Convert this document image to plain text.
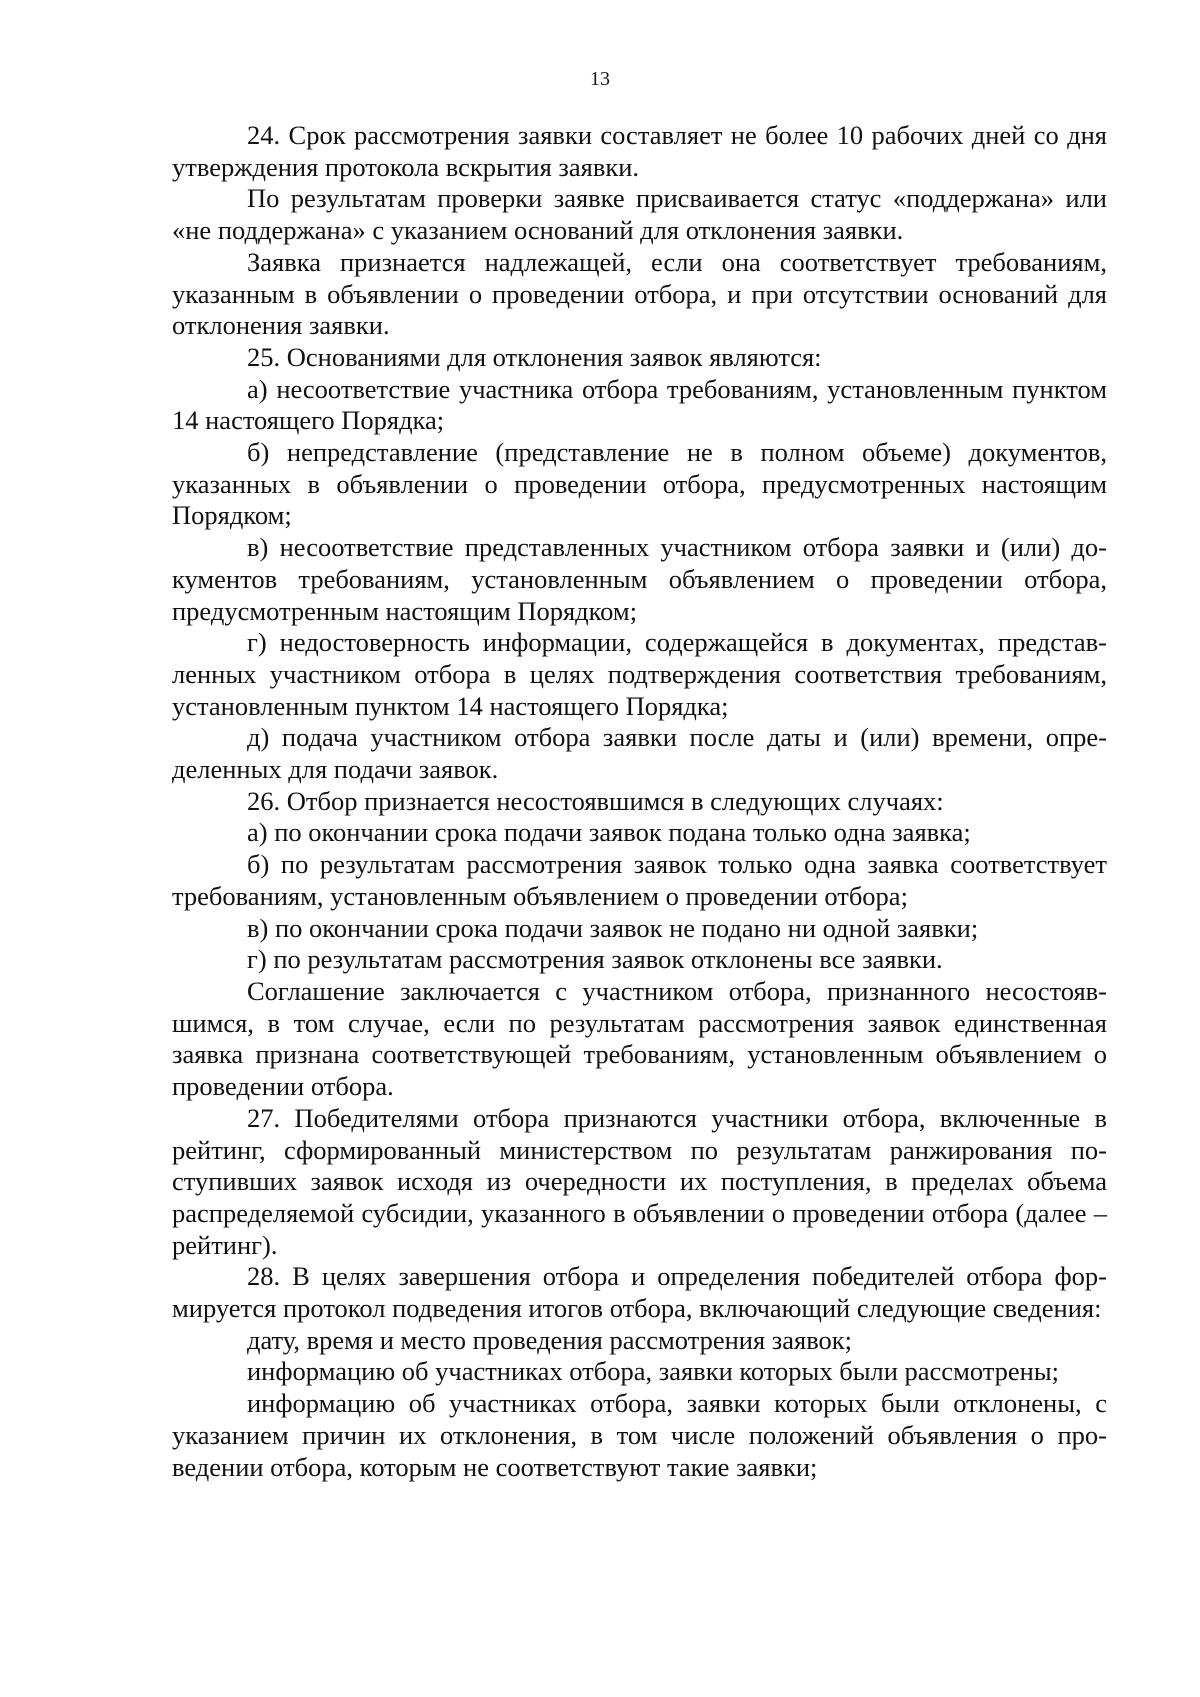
13

24. Срок рассмотрения заявки составляет не более 10 рабочих дней со дня утверждения протокола вскрытия заявки.

По результатам проверки заявке присваивается статус «поддержана» или «не поддержана» с указанием оснований для отклонения заявки.

Заявка признается надлежащей, если она соответствует требованиям, указанным в объявлении о проведении отбора, и при отсутствии оснований для отклонения заявки.

25. Основаниями для отклонения заявок являются:

а) несоответствие участника отбора требованиям, установленным пунктом 14 настоящего Порядка;

б) непредставление (представление не в полном объеме) документов, указанных в объявлении о проведении отбора, предусмотренных настоящим Порядком;

в) несоответствие представленных участником отбора заявки и (или) документов требованиям, установленным объявлением о проведении отбора, предусмотренным настоящим Порядком;

г) недостоверность информации, содержащейся в документах, представленных участником отбора в целях подтверждения соответствия требованиям, установленным пунктом 14 настоящего Порядка;

д) подача участником отбора заявки после даты и (или) времени, определенных для подачи заявок.

26. Отбор признается несостоявшимся в следующих случаях:

а) по окончании срока подачи заявок подана только одна заявка;

б) по результатам рассмотрения заявок только одна заявка соответствует требованиям, установленным объявлением о проведении отбора;

в) по окончании срока подачи заявок не подано ни одной заявки;

г) по результатам рассмотрения заявок отклонены все заявки.

Соглашение заключается с участником отбора, признанного несостоявшимся, в том случае, если по результатам рассмотрения заявок единственная заявка признана соответствующей требованиям, установленным объявлением о проведении отбора.

27. Победителями отбора признаются участники отбора, включенные в рейтинг, сформированный министерством по результатам ранжирования поступивших заявок исходя из очередности их поступления, в пределах объема распределяемой субсидии, указанного в объявлении о проведении отбора (далее – рейтинг).

28. В целях завершения отбора и определения победителей отбора формируется протокол подведения итогов отбора, включающий следующие сведения:

дату, время и место проведения рассмотрения заявок;

информацию об участниках отбора, заявки которых были рассмотрены;

информацию об участниках отбора, заявки которых были отклонены, с указанием причин их отклонения, в том числе положений объявления о проведении отбора, которым не соответствуют такие заявки;
